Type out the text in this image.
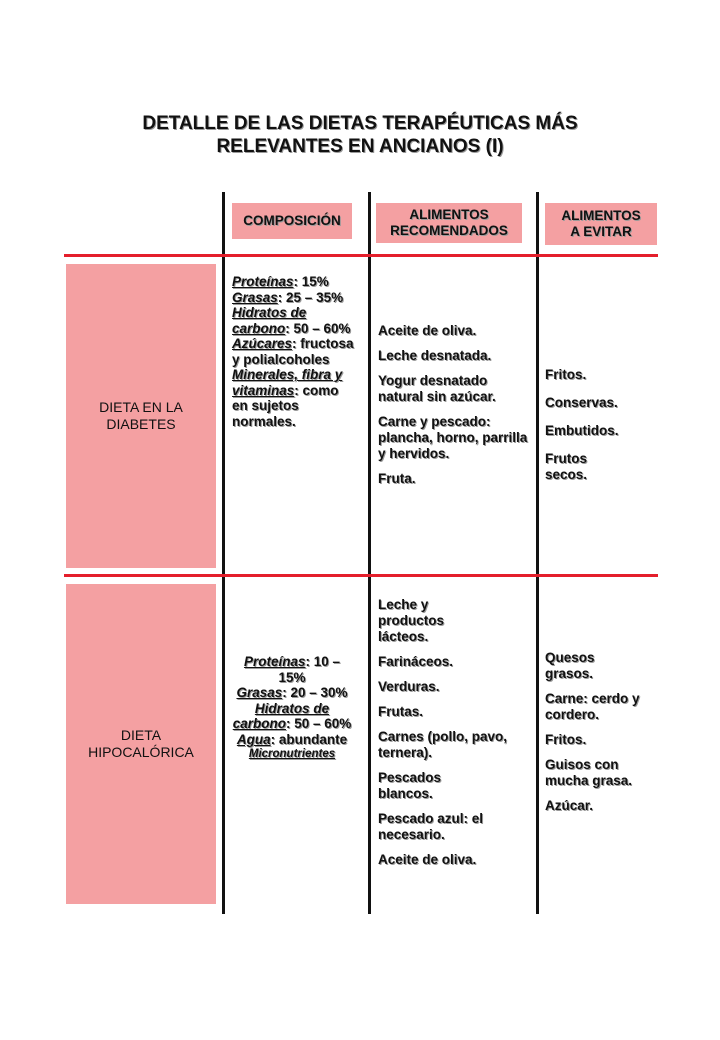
DETALLE DE LAS DIETAS TERAPÉUTICAS MÁS
RELEVANTES EN ANCIANOS (I)
COMPOSICIÓN	ALIMENTOS
RECOMENDADOS
ALIMENTOS
A EVITAR
DIETA EN LA
DIABETES
Proteínas: 15%
Grasas: 25 – 35%
Hidratos de
carbono: 50 – 60%
Azúcares: fructosa y polialcoholes
Minerales, fibra y vitaminas: como en sujetos normales.

Aceite de oliva.

Leche desnatada.

Yogur desnatado natural sin azúcar.

Carne y pescado: plancha, horno, parrilla y hervidos.

Fruta.

Fritos.

Conservas.

Embutidos.

Frutos secos.

DIETA
HIPOCALÓRICA
Proteínas: 10 – 15%
Grasas: 20 – 30%
Hidratos de
carbono: 50 – 60%
Agua: abundante
Micronutrientes

Leche y productos lácteos.

Farináceos.

Verduras.

Frutas.

Carnes (pollo, pavo, ternera).

Pescados blancos.

Pescado azul: el necesario.

Aceite de oliva.

Quesos grasos.

Carne: cerdo y cordero.

Fritos.

Guisos con mucha grasa.

Azúcar.
